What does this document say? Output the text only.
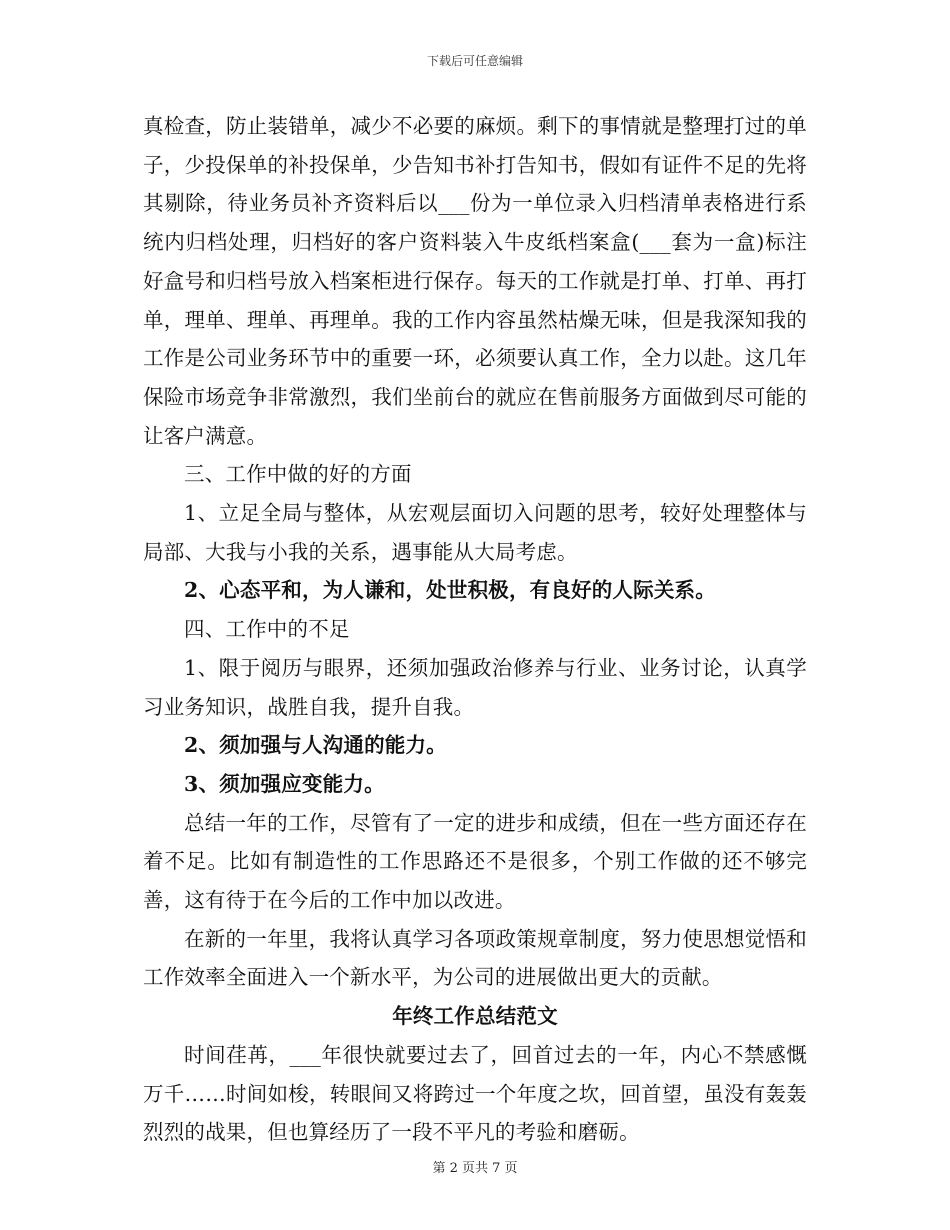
下载后可任意编辑

真检查，防止装错单，减少不必要的麻烦。剩下的事情就是整理打过的单子，少投保单的补投保单，少告知书补打告知书，假如有证件不足的先将其剔除，待业务员补齐资料后以___份为一单位录入归档清单表格进行系统内归档处理，归档好的客户资料装入牛皮纸档案盒(___套为一盒)标注好盒号和归档号放入档案柜进行保存。每天的工作就是打单、打单、再打单，理单、理单、再理单。我的工作内容虽然枯燥无味，但是我深知我的工作是公司业务环节中的重要一环，必须要认真工作，全力以赴。这几年保险市场竞争非常激烈，我们坐前台的就应在售前服务方面做到尽可能的让客户满意。

三、工作中做的好的方面

1、立足全局与整体，从宏观层面切入问题的思考，较好处理整体与局部、大我与小我的关系，遇事能从大局考虑。

2、心态平和，为人谦和，处世积极，有良好的人际关系。

四、工作中的不足

1、限于阅历与眼界，还须加强政治修养与行业、业务讨论，认真学习业务知识，战胜自我，提升自我。

2、须加强与人沟通的能力。

3、须加强应变能力。

总结一年的工作，尽管有了一定的进步和成绩，但在一些方面还存在着不足。比如有制造性的工作思路还不是很多，个别工作做的还不够完善，这有待于在今后的工作中加以改进。

在新的一年里，我将认真学习各项政策规章制度，努力使思想觉悟和工作效率全面进入一个新水平，为公司的进展做出更大的贡献。

年终工作总结范文

时间荏苒，___年很快就要过去了，回首过去的一年，内心不禁感慨万千……时间如梭，转眼间又将跨过一个年度之坎，回首望，虽没有轰轰烈烈的战果，但也算经历了一段不平凡的考验和磨砺。

第 2 页共 7 页
